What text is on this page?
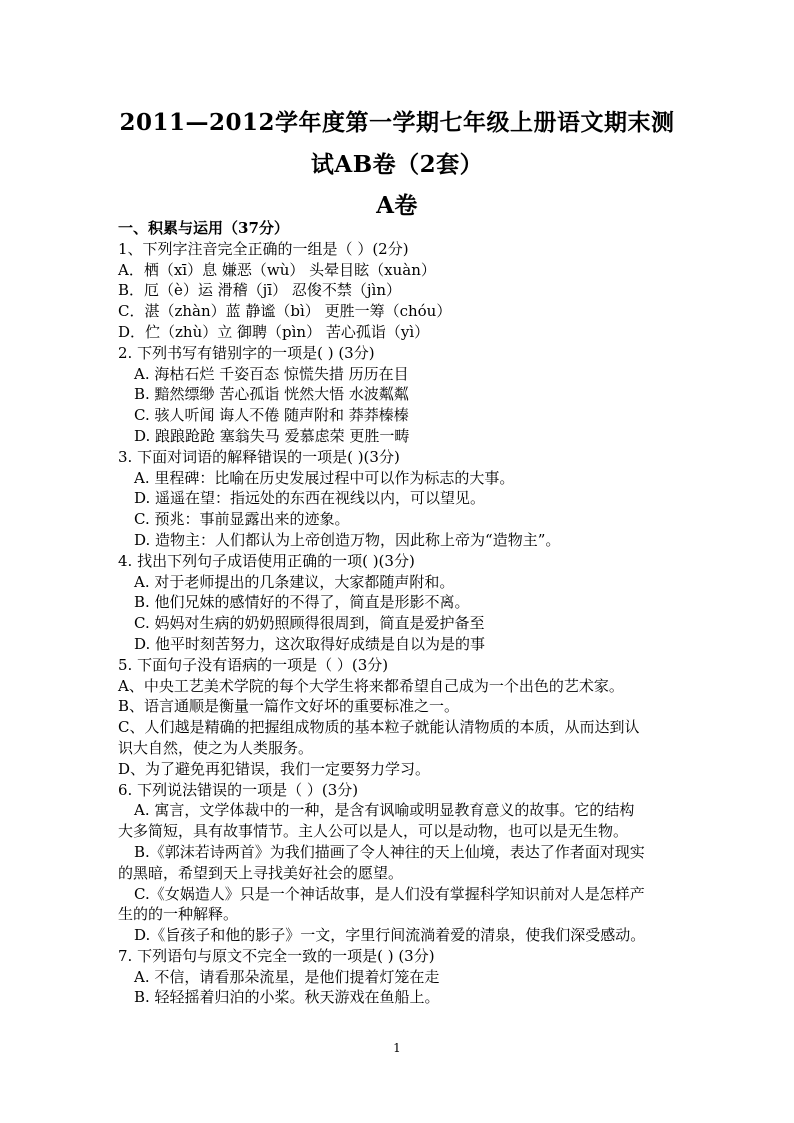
2011—2012学年度第一学期七年级上册语文期末测
试AB卷（2套）
A卷
一、积累与运用（37分）
1、下列字注音完全正确的一组是（ ）(2分)
A．栖（xī）息 嫌恶（wù） 头晕目眩（xuàn）
B．厄（è）运 滑稽（jī） 忍俊不禁（jìn）
C．湛（zhàn）蓝 静谧（bì） 更胜一筹（chóu）
D．伫（zhù）立 御聘（pìn） 苦心孤诣（yì）
2. 下列书写有错别字的一项是( ) (3分)
A. 海枯石烂 千姿百态 惊慌失措 历历在目
B. 黯然缥缈 苦心孤诣 恍然大悟 水波粼粼
C. 骇人听闻 诲人不倦 随声附和 莽莽榛榛
D. 踉踉跄跄 塞翁失马 爱慕虑荣 更胜一畴
3. 下面对词语的解释错误的一项是( )(3分)
A. 里程碑：比喻在历史发展过程中可以作为标志的大事。
D. 遥遥在望：指远处的东西在视线以内，可以望见。
C. 预兆：事前显露出来的迹象。
D. 造物主：人们都认为上帝创造万物，因此称上帝为“造物主”。
4. 找出下列句子成语使用正确的一项( )(3分)
A. 对于老师提出的几条建议，大家都随声附和。
B. 他们兄妹的感情好的不得了，简直是形影不离。
C. 妈妈对生病的奶奶照顾得很周到，简直是爱护备至
D. 他平时刻苦努力，这次取得好成绩是自以为是的事
5. 下面句子没有语病的一项是（ ）(3分)
A、中央工艺美术学院的每个大学生将来都希望自己成为一个出色的艺术家。
B、语言通顺是衡量一篇作文好坏的重要标准之一。
C、人们越是精确的把握组成物质的基本粒子就能认清物质的本质，从而达到认
识大自然，使之为人类服务。
D、为了避免再犯错误，我们一定要努力学习。
6. 下列说法错误的一项是（ ）(3分)
A. 寓言，文学体裁中的一种，是含有讽喻或明显教育意义的故事。它的结构
大多简短，具有故事情节。主人公可以是人，可以是动物，也可以是无生物。
B.《郭沫若诗两首》为我们描画了令人神往的天上仙境，表达了作者面对现实
的黑暗，希望到天上寻找美好社会的愿望。
C.《女娲造人》只是一个神话故事，是人们没有掌握科学知识前对人是怎样产
生的的一种解释。
D.《旨孩子和他的影子》一文，字里行间流淌着爱的清泉，使我们深受感动。
7. 下列语句与原文不完全一致的一项是( ) (3分)
A. 不信，请看那朵流星，是他们提着灯笼在走
B. 轻轻摇着归泊的小桨。秋天游戏在鱼船上。
1
